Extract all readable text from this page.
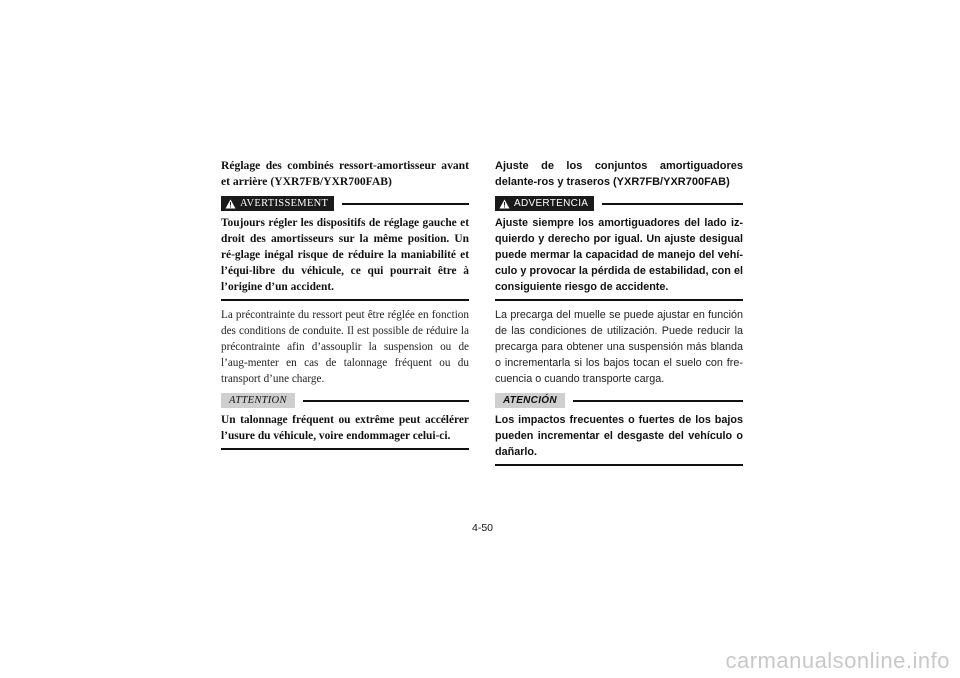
Réglage des combinés ressort-amortisseur avant et arrière (YXR7FB/YXR700FAB)

AVERTISSEMENT

Toujours régler les dispositifs de réglage gauche et droit des amortisseurs sur la même position. Un ré-glage inégal risque de réduire la maniabilité et l’équi-libre du véhicule, ce qui pourrait être à l’origine d’un accident.

La précontrainte du ressort peut être réglée en fonction des conditions de conduite. Il est possible de réduire la précontrainte afin d’assouplir la suspension ou de l’aug-menter en cas de talonnage fréquent ou du transport d’une charge.

ATTENTION

Un talonnage fréquent ou extrême peut accélérer l’usure du véhicule, voire endommager celui-ci.

Ajuste de los conjuntos amortiguadores delante-ros y traseros (YXR7FB/YXR700FAB)

ADVERTENCIA

Ajuste siempre los amortiguadores del lado iz-quierdo y derecho por igual. Un ajuste desigual puede mermar la capacidad de manejo del vehí-culo y provocar la pérdida de estabilidad, con el consiguiente riesgo de accidente.

La precarga del muelle se puede ajustar en función de las condiciones de utilización. Puede reducir la precarga para obtener una suspensión más blanda o incrementarla si los bajos tocan el suelo con fre-cuencia o cuando transporte carga.

ATENCIÓN

Los impactos frecuentes o fuertes de los bajos pueden incrementar el desgaste del vehículo o dañarlo.

4-50
carmanualsonline.info
